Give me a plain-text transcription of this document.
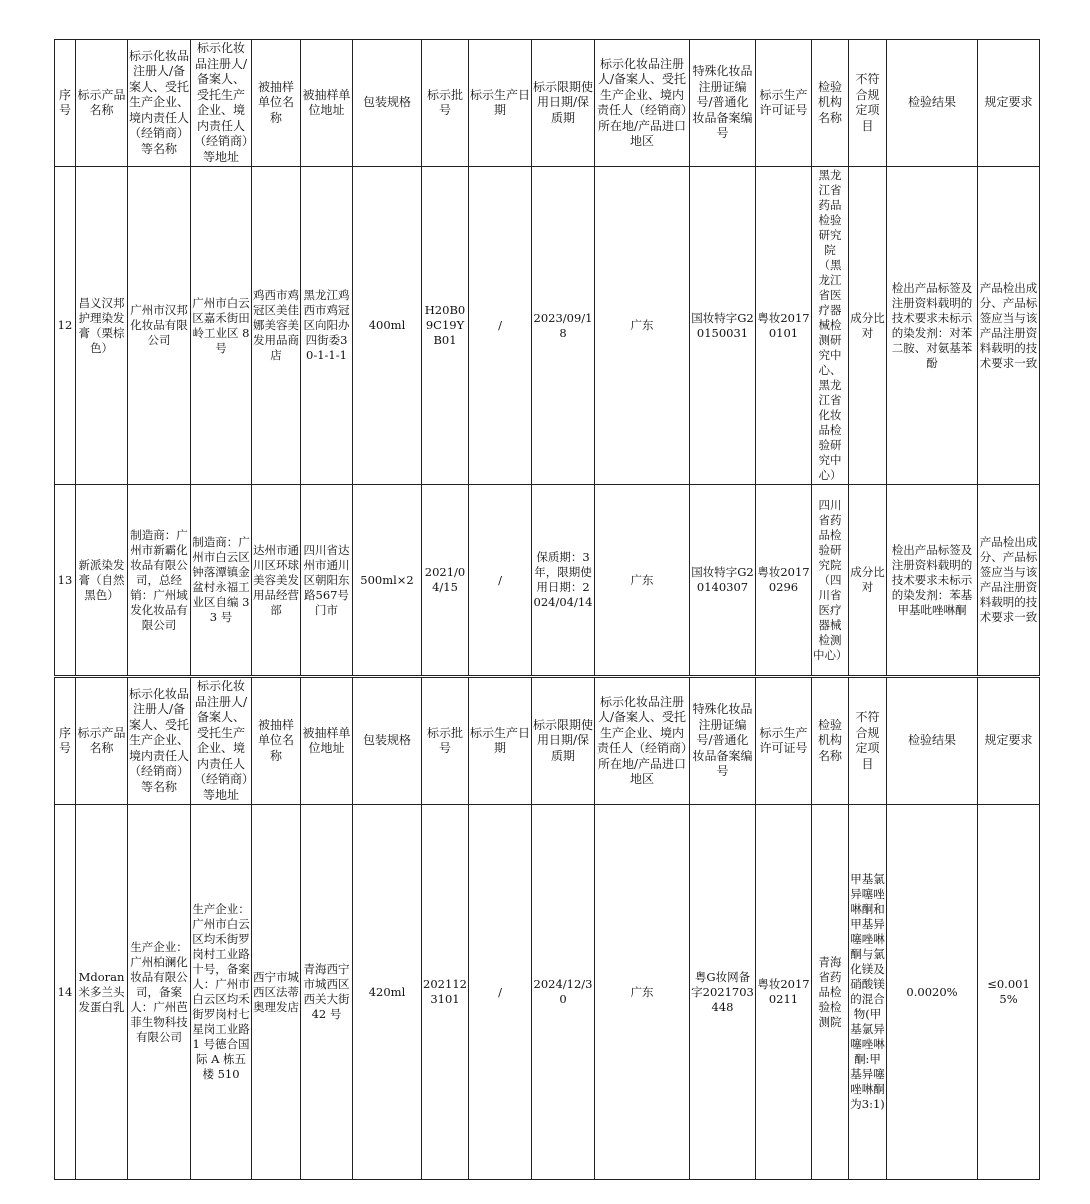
序号	标示产品名称	标示化妆品注册人/备案人、受托生产企业、境内责任人（经销商）等名称	标示化妆品注册人/备案人、受托生产企业、境内责任人（经销商）等地址	被抽样单位名称	被抽样单位地址	包装规格	标示批号	标示生产日期	标示限期使用日期/保质期	标示化妆品注册人/备案人、受托生产企业、境内责任人（经销商）所在地/产品进口地区	特殊化妆品注册证编号/普通化妆品备案编号	标示生产许可证号	检验机构名称	不符合规定项目	检验结果	规定要求
12	昌义汉邦护理染发膏（栗棕色）	广州市汉邦化妆品有限公司	广州市白云区嘉禾街田岭工业区 8 号	鸡西市鸡冠区美佳娜美容美发用品商店	黑龙江鸡西市鸡冠区向阳办四街委30-1-1-1	400ml	H20B09C19YB01	/	2023/09/18	广东	国妆特字G20150031	粤妆20170101	黑龙江省药品检验研究院（黑龙江省医疗器械检测研究中心、黑龙江省化妆品检验研究中心）	成分比对	检出产品标签及注册资料载明的技术要求未标示的染发剂：对苯二胺、对氨基苯酚	产品检出成分、产品标签应当与该产品注册资料载明的技术要求一致
13	新派染发膏（自然黑色）	制造商：广州市新霸化妆品有限公司，总经销：广州域发化妆品有限公司	制造商：广州市白云区钟落潭镇金盆村永福工业区自编 33 号	达州市通川区环球美容美发用品经营部	四川省达州市通川区朝阳东路567号门市	500ml×2	2021/04/15	/	保质期：3年，限期使用日期：2024/04/14	广东	国妆特字G20140307	粤妆20170296	四川省药品检验研究院（四川省医疗器械检测中心）	成分比对	检出产品标签及注册资料载明的技术要求未标示的染发剂：苯基甲基吡唑啉酮	产品检出成分、产品标签应当与该产品注册资料载明的技术要求一致
序号	标示产品名称	标示化妆品注册人/备案人、受托生产企业、境内责任人（经销商）等名称	标示化妆品注册人/备案人、受托生产企业、境内责任人（经销商）等地址	被抽样单位名称	被抽样单位地址	包装规格	标示批号	标示生产日期	标示限期使用日期/保质期	标示化妆品注册人/备案人、受托生产企业、境内责任人（经销商）所在地/产品进口地区	特殊化妆品注册证编号/普通化妆品备案编号	标示生产许可证号	检验机构名称	不符合规定项目	检验结果	规定要求
14	Mdoran米多兰头发蛋白乳	生产企业：广州柏澜化妆品有限公司，备案人：广州芭菲生物科技有限公司	生产企业：广州市白云区均禾街罗岗村工业路十号，备案人：广州市白云区均禾街罗岗村七星岗工业路 1 号德合国际 A 栋五楼 510	西宁市城西区法蒂奥理发店	青海西宁市城西区西关大街42 号	420ml	2021123101	/	2024/12/30	广东	粤G妆网备字2021703448	粤妆20170211	青海省药品检验检测院	甲基氯异噻唑啉酮和甲基异噻唑啉酮与氯化镁及硝酸镁的混合物(甲基氯异噻唑啉酮:甲基异噻唑啉酮为3:1)	0.0020%	≤0.0015%
